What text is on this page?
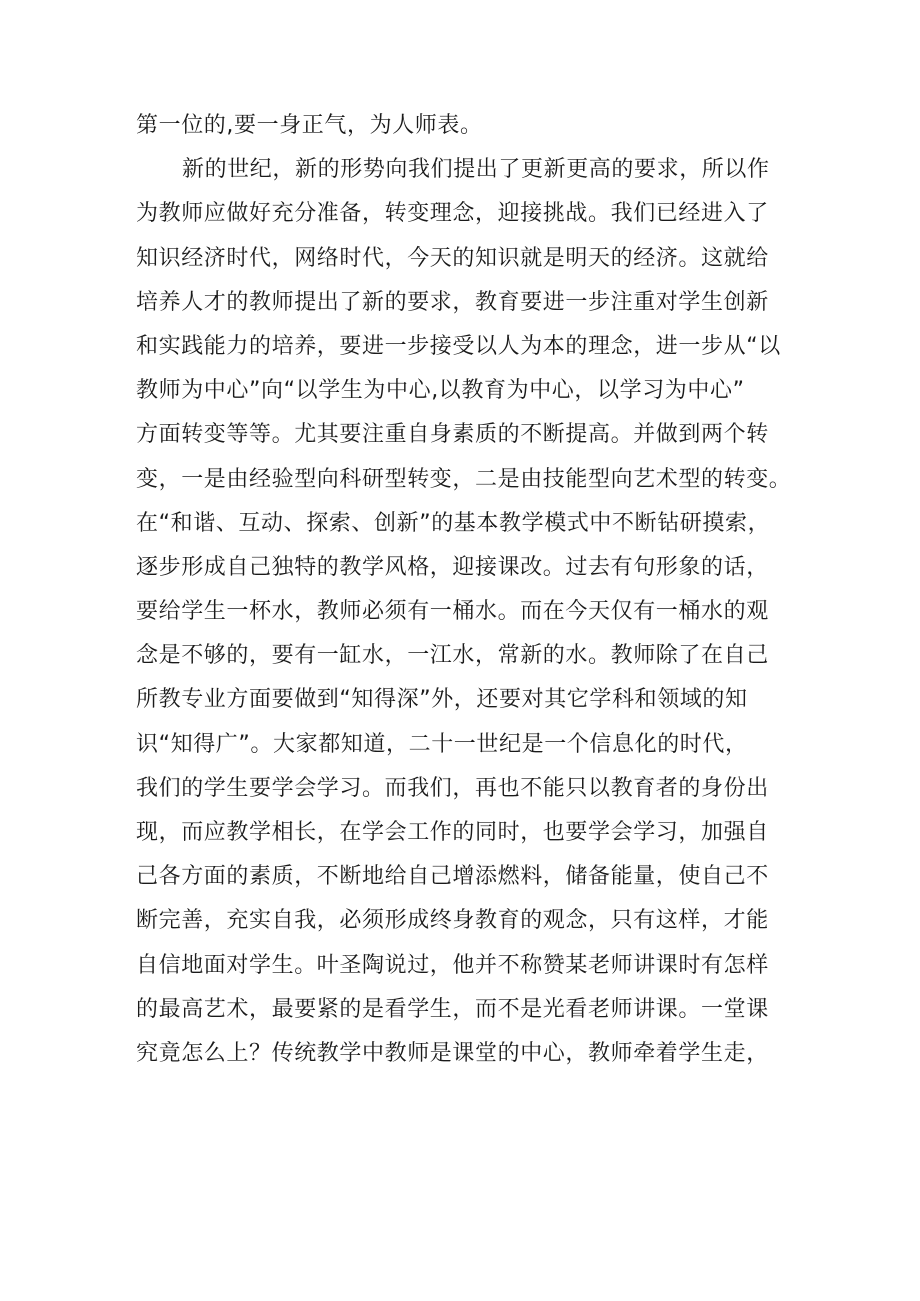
第一位的,要一身正气，为人师表。
新的世纪，新的形势向我们提出了更新更高的要求，所以作
为教师应做好充分准备，转变理念，迎接挑战。我们已经进入了
知识经济时代，网络时代，今天的知识就是明天的经济。这就给
培养人才的教师提出了新的要求，教育要进一步注重对学生创新
和实践能力的培养，要进一步接受以人为本的理念，进一步从“以
教师为中心”向“以学生为中心,以教育为中心，以学习为中心”
方面转变等等。尤其要注重自身素质的不断提高。并做到两个转
变，一是由经验型向科研型转变，二是由技能型向艺术型的转变。
在“和谐、互动、探索、创新”的基本教学模式中不断钻研摸索，
逐步形成自己独特的教学风格，迎接课改。过去有句形象的话，
要给学生一杯水，教师必须有一桶水。而在今天仅有一桶水的观
念是不够的，要有一缸水，一江水，常新的水。教师除了在自己
所教专业方面要做到“知得深”外，还要对其它学科和领域的知
识“知得广”。大家都知道，二十一世纪是一个信息化的时代，
我们的学生要学会学习。而我们，再也不能只以教育者的身份出
现，而应教学相长，在学会工作的同时，也要学会学习，加强自
己各方面的素质，不断地给自己增添燃料，储备能量，使自己不
断完善，充实自我，必须形成终身教育的观念，只有这样，才能
自信地面对学生。叶圣陶说过，他并不称赞某老师讲课时有怎样
的最高艺术，最要紧的是看学生，而不是光看老师讲课。一堂课
究竟怎么上？传统教学中教师是课堂的中心，教师牵着学生走，
